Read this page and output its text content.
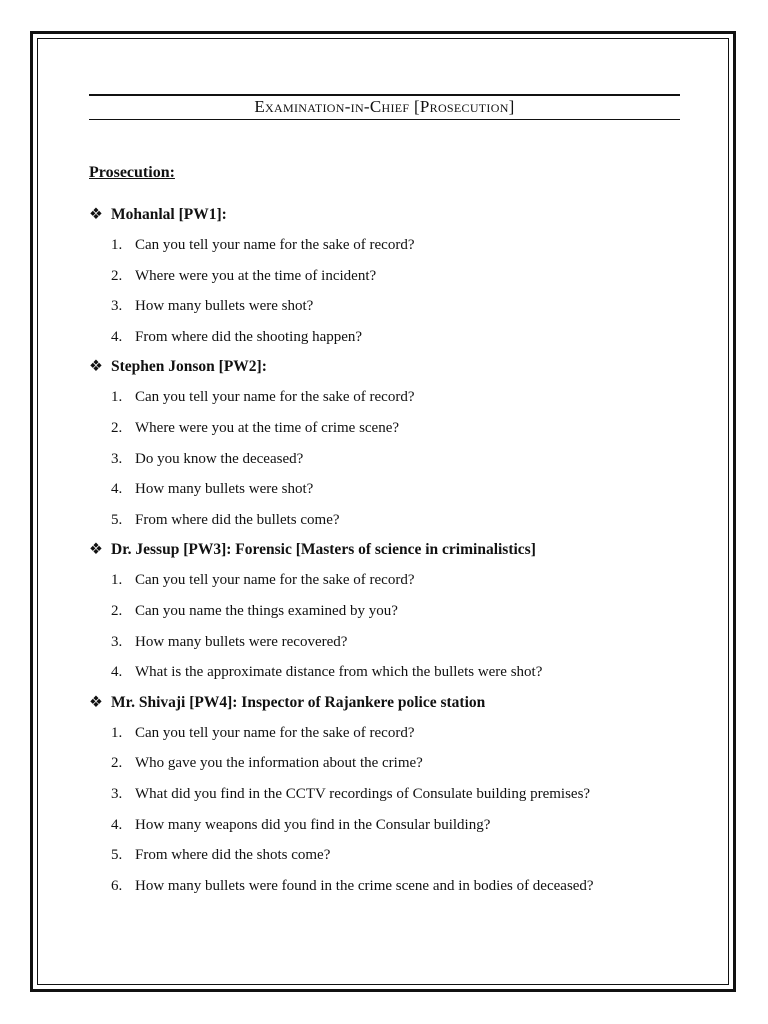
Examination-in-Chief [Prosecution]
Prosecution:
❖ Mohanlal [PW1]:
1. Can you tell your name for the sake of record?
2. Where were you at the time of incident?
3. How many bullets were shot?
4. From where did the shooting happen?
❖ Stephen Jonson [PW2]:
1. Can you tell your name for the sake of record?
2. Where were you at the time of crime scene?
3. Do you know the deceased?
4. How many bullets were shot?
5. From where did the bullets come?
❖ Dr. Jessup [PW3]: Forensic [Masters of science in criminalistics]
1. Can you tell your name for the sake of record?
2. Can you name the things examined by you?
3. How many bullets were recovered?
4. What is the approximate distance from which the bullets were shot?
❖ Mr. Shivaji [PW4]: Inspector of Rajankere police station
1. Can you tell your name for the sake of record?
2. Who gave you the information about the crime?
3. What did you find in the CCTV recordings of Consulate building premises?
4. How many weapons did you find in the Consular building?
5. From where did the shots come?
6. How many bullets were found in the crime scene and in bodies of deceased?
